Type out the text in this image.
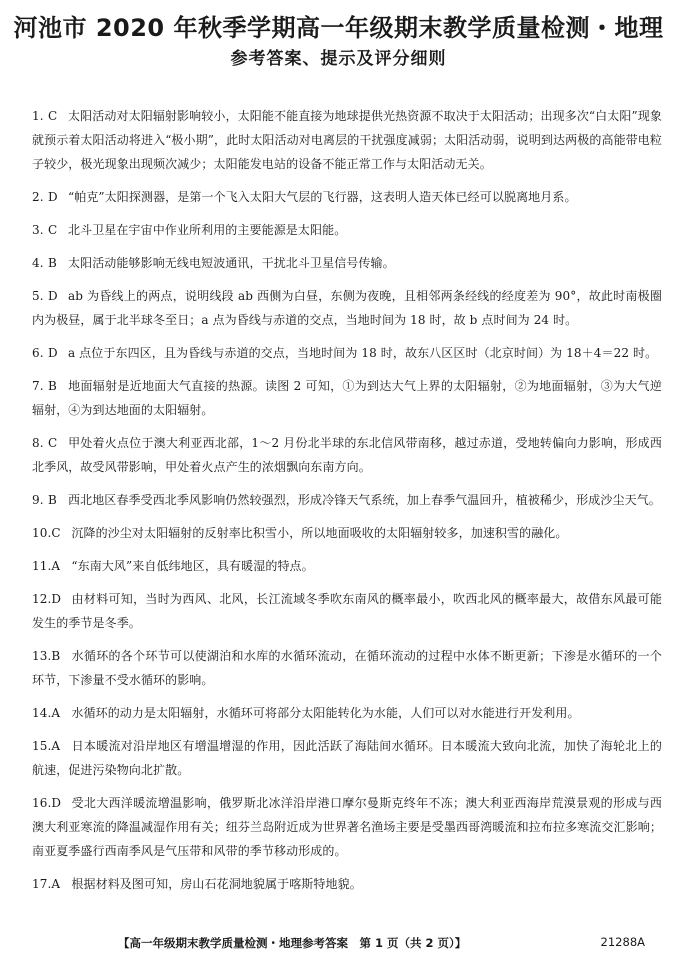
河池市 2020 年秋季学期高一年级期末教学质量检测・地理
参考答案、提示及评分细则

1. C 太阳活动对太阳辐射影响较小，太阳能不能直接为地球提供光热资源不取决于太阳活动；出现多次“白太阳”现象就预示着太阳活动将进入“极小期”，此时太阳活动对电离层的干扰强度减弱；太阳活动弱，说明到达两极的高能带电粒子较少，极光现象出现频次减少；太阳能发电站的设备不能正常工作与太阳活动无关。

2. D “帕克”太阳探测器，是第一个飞入太阳大气层的飞行器，这表明人造天体已经可以脱离地月系。

3. C 北斗卫星在宇宙中作业所利用的主要能源是太阳能。

4. B 太阳活动能够影响无线电短波通讯，干扰北斗卫星信号传输。

5. D ab 为昏线上的两点，说明线段 ab 西侧为白昼，东侧为夜晚，且相邻两条经线的经度差为 90°，故此时南极圈内为极昼，属于北半球冬至日；a 点为昏线与赤道的交点，当地时间为 18 时，故 b 点时间为 24 时。

6. D a 点位于东四区，且为昏线与赤道的交点，当地时间为 18 时，故东八区区时（北京时间）为 18＋4＝22 时。

7. B 地面辐射是近地面大气直接的热源。读图 2 可知，①为到达大气上界的太阳辐射，②为地面辐射，③为大气逆辐射，④为到达地面的太阳辐射。

8. C 甲处着火点位于澳大利亚西北部，1～2 月份北半球的东北信风带南移，越过赤道，受地转偏向力影响，形成西北季风，故受风带影响，甲处着火点产生的浓烟飘向东南方向。

9. B 西北地区春季受西北季风影响仍然较强烈，形成冷锋天气系统，加上春季气温回升，植被稀少，形成沙尘天气。

10.C 沉降的沙尘对太阳辐射的反射率比积雪小，所以地面吸收的太阳辐射较多，加速积雪的融化。

11.A “东南大风”来自低纬地区，具有暖湿的特点。

12.D 由材料可知，当时为西风、北风，长江流域冬季吹东南风的概率最小，吹西北风的概率最大，故借东风最可能发生的季节是冬季。

13.B 水循环的各个环节可以使湖泊和水库的水循环流动，在循环流动的过程中水体不断更新；下渗是水循环的一个环节，下渗量不受水循环的影响。

14.A 水循环的动力是太阳辐射，水循环可将部分太阳能转化为水能，人们可以对水能进行开发利用。

15.A 日本暖流对沿岸地区有增温增湿的作用，因此活跃了海陆间水循环。日本暖流大致向北流，加快了海轮北上的航速，促进污染物向北扩散。

16.D 受北大西洋暖流增温影响，俄罗斯北冰洋沿岸港口摩尔曼斯克终年不冻；澳大利亚西海岸荒漠景观的形成与西澳大利亚寒流的降温减湿作用有关；纽芬兰岛附近成为世界著名渔场主要是受墨西哥湾暖流和拉布拉多寒流交汇影响；南亚夏季盛行西南季风是气压带和风带的季节移动形成的。

17.A 根据材料及图可知，房山石花洞地貌属于喀斯特地貌。

【高一年级期末教学质量检测・地理参考答案　第 1 页（共 2 页）】	21288A
